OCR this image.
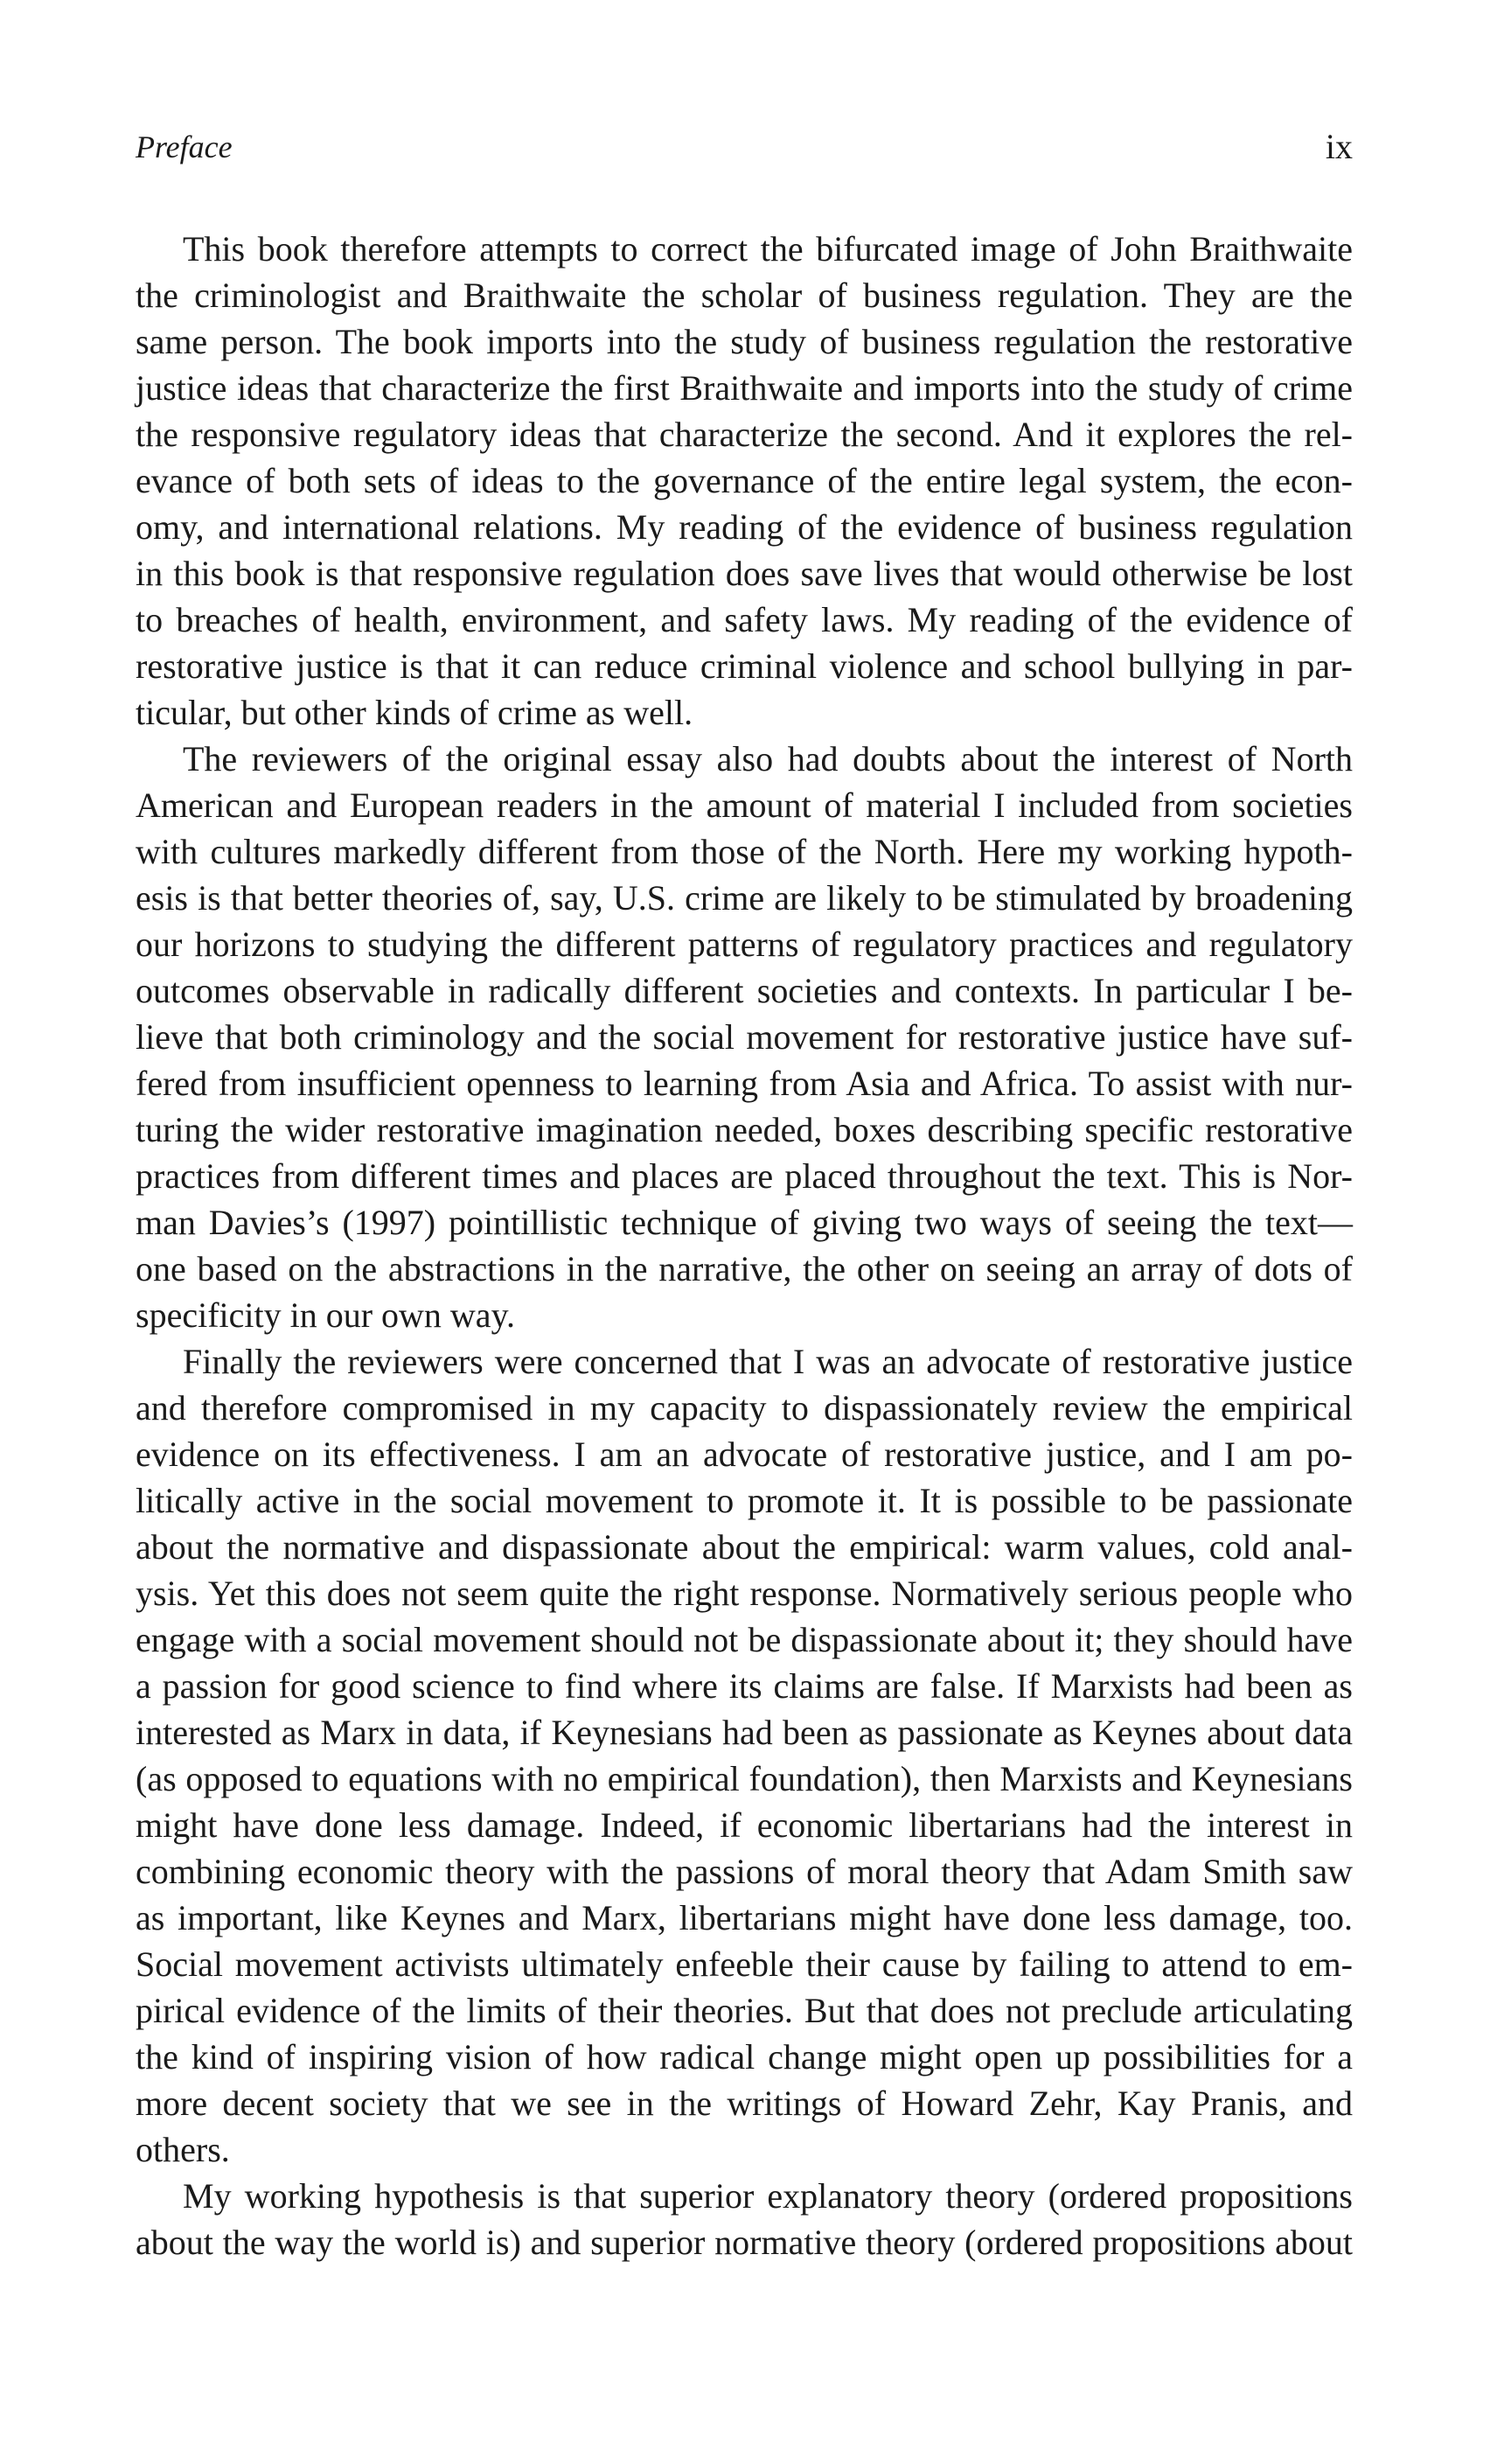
Preface	ix
This book therefore attempts to correct the bifurcated image of John Braithwaite
the criminologist and Braithwaite the scholar of business regulation. They are the
same person. The book imports into the study of business regulation the restorative
justice ideas that characterize the first Braithwaite and imports into the study of crime
the responsive regulatory ideas that characterize the second. And it explores the rel-
evance of both sets of ideas to the governance of the entire legal system, the econ-
omy, and international relations. My reading of the evidence of business regulation
in this book is that responsive regulation does save lives that would otherwise be lost
to breaches of health, environment, and safety laws. My reading of the evidence of
restorative justice is that it can reduce criminal violence and school bullying in par-
ticular, but other kinds of crime as well.
The reviewers of the original essay also had doubts about the interest of North
American and European readers in the amount of material I included from societies
with cultures markedly different from those of the North. Here my working hypoth-
esis is that better theories of, say, U.S. crime are likely to be stimulated by broadening
our horizons to studying the different patterns of regulatory practices and regulatory
outcomes observable in radically different societies and contexts. In particular I be-
lieve that both criminology and the social movement for restorative justice have suf-
fered from insufficient openness to learning from Asia and Africa. To assist with nur-
turing the wider restorative imagination needed, boxes describing specific restorative
practices from different times and places are placed throughout the text. This is Nor-
man Davies’s (1997) pointillistic technique of giving two ways of seeing the text—
one based on the abstractions in the narrative, the other on seeing an array of dots of
specificity in our own way.
Finally the reviewers were concerned that I was an advocate of restorative justice
and therefore compromised in my capacity to dispassionately review the empirical
evidence on its effectiveness. I am an advocate of restorative justice, and I am po-
litically active in the social movement to promote it. It is possible to be passionate
about the normative and dispassionate about the empirical: warm values, cold anal-
ysis. Yet this does not seem quite the right response. Normatively serious people who
engage with a social movement should not be dispassionate about it; they should have
a passion for good science to find where its claims are false. If Marxists had been as
interested as Marx in data, if Keynesians had been as passionate as Keynes about data
(as opposed to equations with no empirical foundation), then Marxists and Keynesians
might have done less damage. Indeed, if economic libertarians had the interest in
combining economic theory with the passions of moral theory that Adam Smith saw
as important, like Keynes and Marx, libertarians might have done less damage, too.
Social movement activists ultimately enfeeble their cause by failing to attend to em-
pirical evidence of the limits of their theories. But that does not preclude articulating
the kind of inspiring vision of how radical change might open up possibilities for a
more decent society that we see in the writings of Howard Zehr, Kay Pranis, and
others.
My working hypothesis is that superior explanatory theory (ordered propositions
about the way the world is) and superior normative theory (ordered propositions about
